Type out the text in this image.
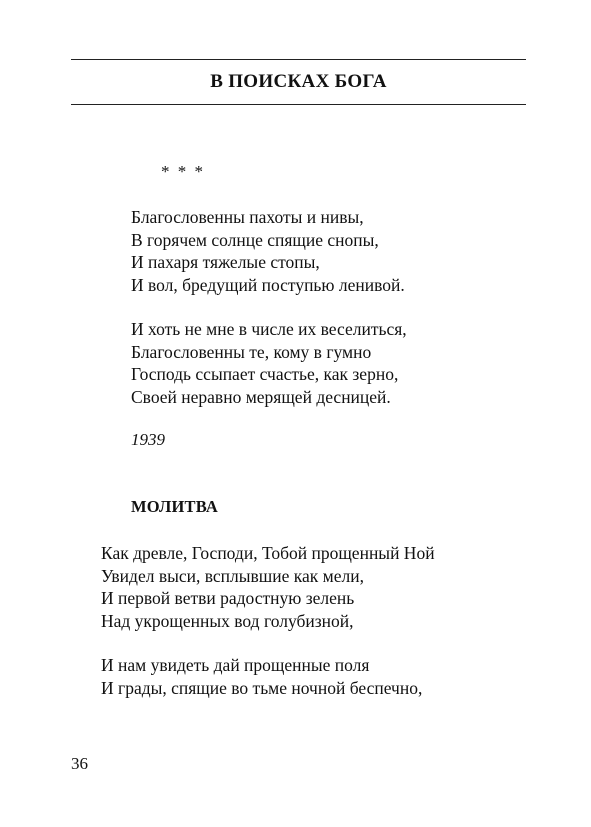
В ПОИСКАХ БОГА
* * *
Благословенны пахоты и нивы,
В горячем солнце спящие снопы,
И пахаря тяжелые стопы,
И вол, бредущий поступью ленивой.
И хоть не мне в числе их веселиться,
Благословенны те, кому в гумно
Господь ссыпает счастье, как зерно,
Своей неравно мерящей десницей.
1939
МОЛИТВА
Как древле, Господи, Тобой прощенный Ной
Увидел выси, всплывшие как мели,
И первой ветви радостную зелень
Над укрощенных вод голубизной,
И нам увидеть дай прощенные поля
И грады, спящие во тьме ночной беспечно,
36
